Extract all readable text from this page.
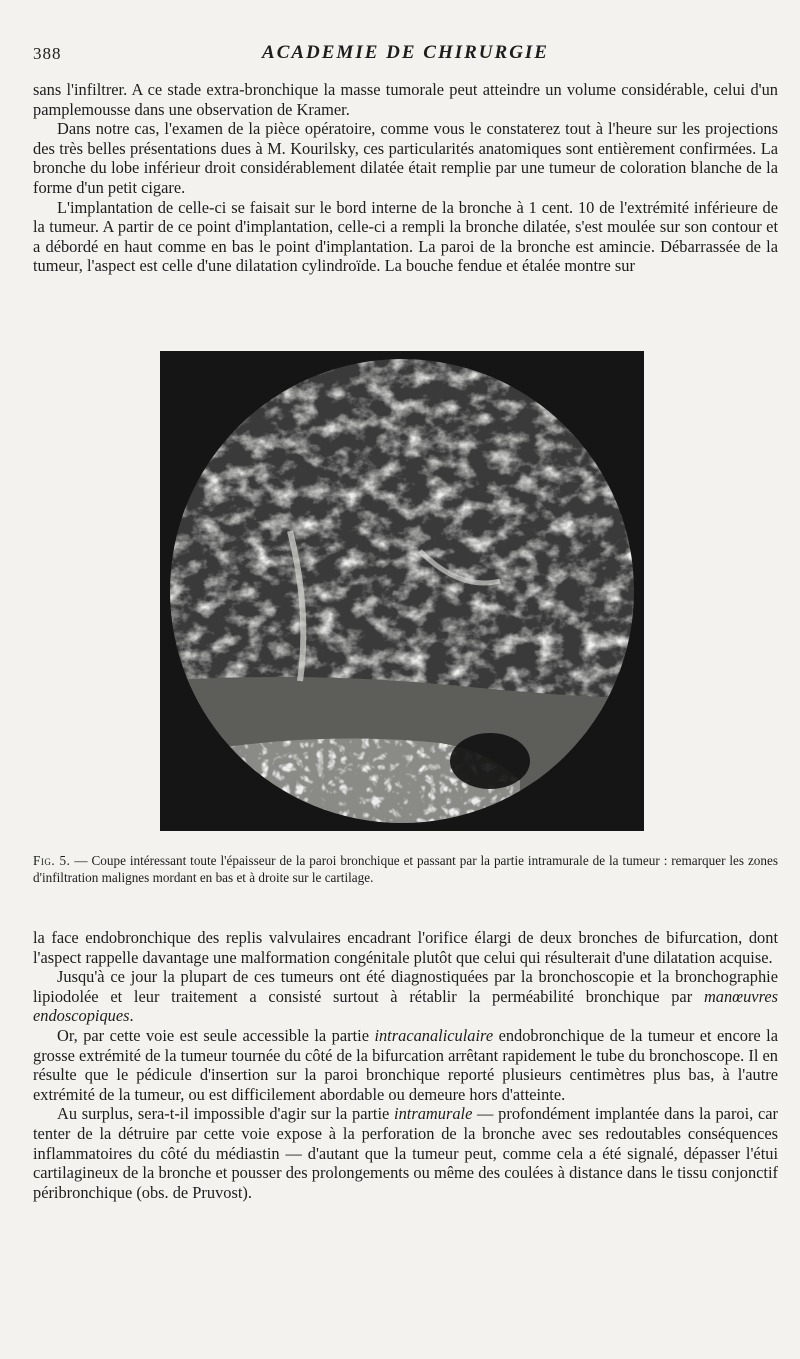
388	ACADEMIE DE CHIRURGIE

sans l'infiltrer. A ce stade extra-bronchique la masse tumorale peut atteindre un volume considérable, celui d'un pamplemousse dans une observation de Kramer.

Dans notre cas, l'examen de la pièce opératoire, comme vous le constaterez tout à l'heure sur les projections des très belles présentations dues à M. Kourilsky, ces particularités anatomiques sont entièrement confirmées. La bronche du lobe inférieur droit considérablement dilatée était remplie par une tumeur de coloration blanche de la forme d'un petit cigare.

L'implantation de celle-ci se faisait sur le bord interne de la bronche à 1 cent. 10 de l'extrémité inférieure de la tumeur. A partir de ce point d'implantation, celle-ci a rempli la bronche dilatée, s'est moulée sur son contour et a débordé en haut comme en bas le point d'implantation. La paroi de la bronche est amincie. Débarrassée de la tumeur, l'aspect est celle d'une dilatation cylindroïde. La bouche fendue et étalée montre sur

Fig. 5. — Coupe intéressant toute l'épaisseur de la paroi bronchique et passant par la partie intramurale de la tumeur : remarquer les zones d'infiltration malignes mordant en bas et à droite sur le cartilage.

la face endobronchique des replis valvulaires encadrant l'orifice élargi de deux bronches de bifurcation, dont l'aspect rappelle davantage une malformation congénitale plutôt que celui qui résulterait d'une dilatation acquise.

Jusqu'à ce jour la plupart de ces tumeurs ont été diagnostiquées par la bronchoscopie et la bronchographie lipiodolée et leur traitement a consisté surtout à rétablir la perméabilité bronchique par manœuvres endoscopiques.

Or, par cette voie est seule accessible la partie intracanaliculaire endobronchique de la tumeur et encore la grosse extrémité de la tumeur tournée du côté de la bifurcation arrêtant rapidement le tube du bronchoscope. Il en résulte que le pédicule d'insertion sur la paroi bronchique reporté plusieurs centimètres plus bas, à l'autre extrémité de la tumeur, ou est difficilement abordable ou demeure hors d'atteinte.

Au surplus, sera-t-il impossible d'agir sur la partie intramurale — profondément implantée dans la paroi, car tenter de la détruire par cette voie expose à la perforation de la bronche avec ses redoutables conséquences inflammatoires du côté du médiastin — d'autant que la tumeur peut, comme cela a été signalé, dépasser l'étui cartilagineux de la bronche et pousser des prolongements ou même des coulées à distance dans le tissu conjonctif péribronchique (obs. de Pruvost).
